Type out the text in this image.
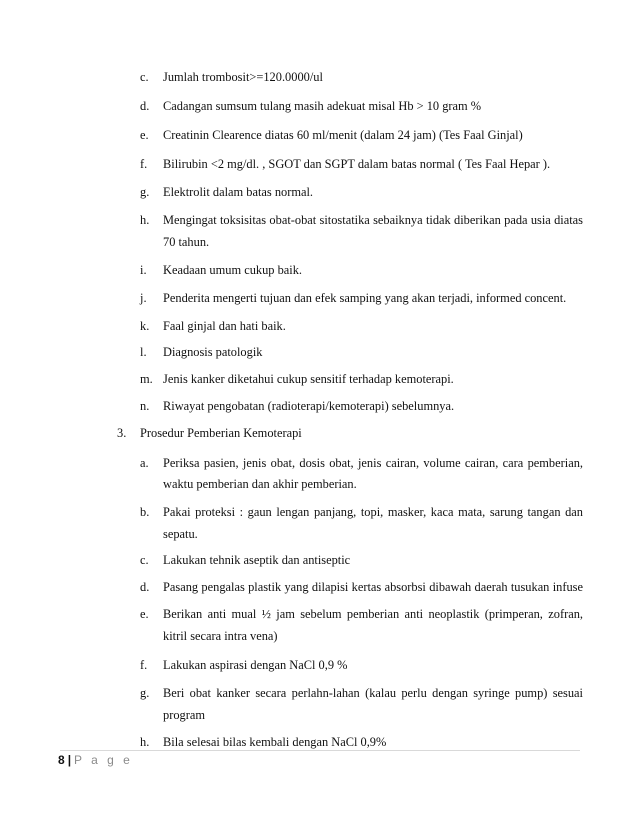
c. Jumlah trombosit>=120.0000/ul
d. Cadangan sumsum tulang masih adekuat misal Hb > 10 gram %
e. Creatinin Clearence diatas 60 ml/menit (dalam 24 jam) (Tes Faal Ginjal)
f. Bilirubin <2 mg/dl. , SGOT dan SGPT dalam batas normal ( Tes Faal Hepar ).
g. Elektrolit dalam batas normal.
h. Mengingat toksisitas obat-obat sitostatika sebaiknya tidak diberikan pada usia diatas
70 tahun.
i. Keadaan umum cukup baik.
j. Penderita mengerti tujuan dan efek samping yang akan terjadi, informed concent.
k. Faal ginjal dan hati baik.
l. Diagnosis patologik
m. Jenis kanker diketahui cukup sensitif terhadap kemoterapi.
n. Riwayat pengobatan (radioterapi/kemoterapi) sebelumnya.
3. Prosedur Pemberian Kemoterapi
a. Periksa pasien, jenis obat, dosis obat, jenis cairan, volume cairan, cara pemberian,
waktu pemberian dan akhir pemberian.
b. Pakai proteksi : gaun lengan panjang, topi, masker, kaca mata, sarung tangan dan
sepatu.
c. Lakukan tehnik aseptik dan antiseptic
d. Pasang pengalas plastik yang dilapisi kertas absorbsi dibawah daerah tusukan infuse
e. Berikan anti mual ½ jam sebelum pemberian anti neoplastik (primperan, zofran,
kitril secara intra vena)
f. Lakukan aspirasi dengan NaCl 0,9 %
g. Beri obat kanker secara perlahn-lahan (kalau perlu dengan syringe pump) sesuai
program
h. Bila selesai bilas kembali dengan NaCl 0,9%
8 | P a g e
